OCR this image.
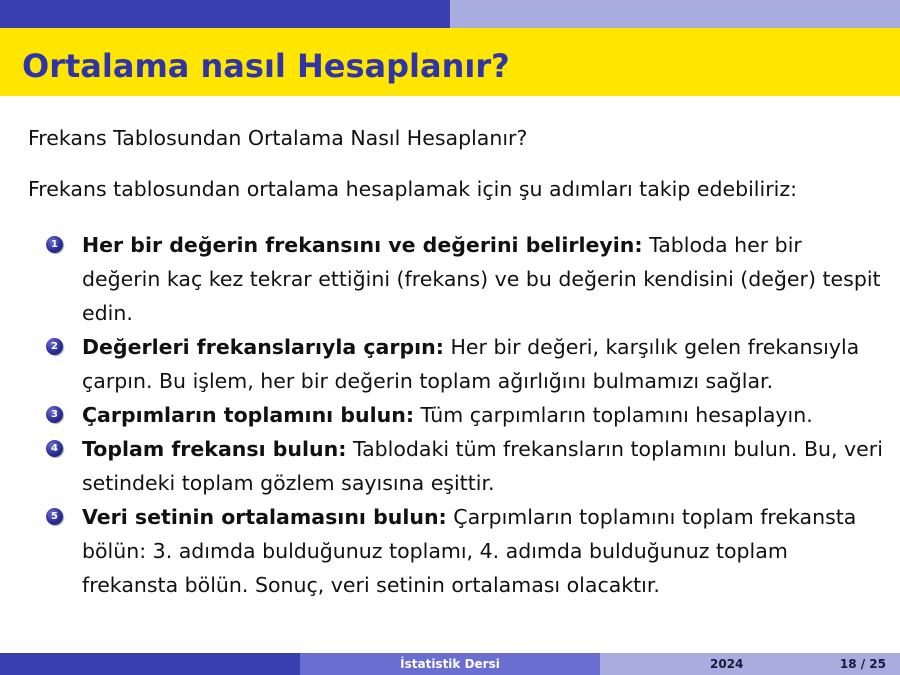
Ortalama nasıl Hesaplanır?
Frekans Tablosundan Ortalama Nasıl Hesaplanır?
Frekans tablosundan ortalama hesaplamak için şu adımları takip edebiliriz:
1 Her bir değerin frekansını ve değerini belirleyin: Tabloda her bir değerin kaç kez tekrar ettiğini (frekans) ve bu değerin kendisini (değer) tespit edin.
2 Değerleri frekanslarıyla çarpın: Her bir değeri, karşılık gelen frekansıyla çarpın. Bu işlem, her bir değerin toplam ağırlığını bulmamızı sağlar.
3 Çarpımların toplamını bulun: Tüm çarpımların toplamını hesaplayın.
4 Toplam frekansı bulun: Tablodaki tüm frekansların toplamını bulun. Bu, veri setindeki toplam gözlem sayısına eşittir.
5 Veri setinin ortalamasını bulun: Çarpımların toplamını toplam frekansta bölün: 3. adımda bulduğunuz toplamı, 4. adımda bulduğunuz toplam frekansta bölün. Sonuç, veri setinin ortalaması olacaktır.
İstatistik Dersi	2024	18 / 25
